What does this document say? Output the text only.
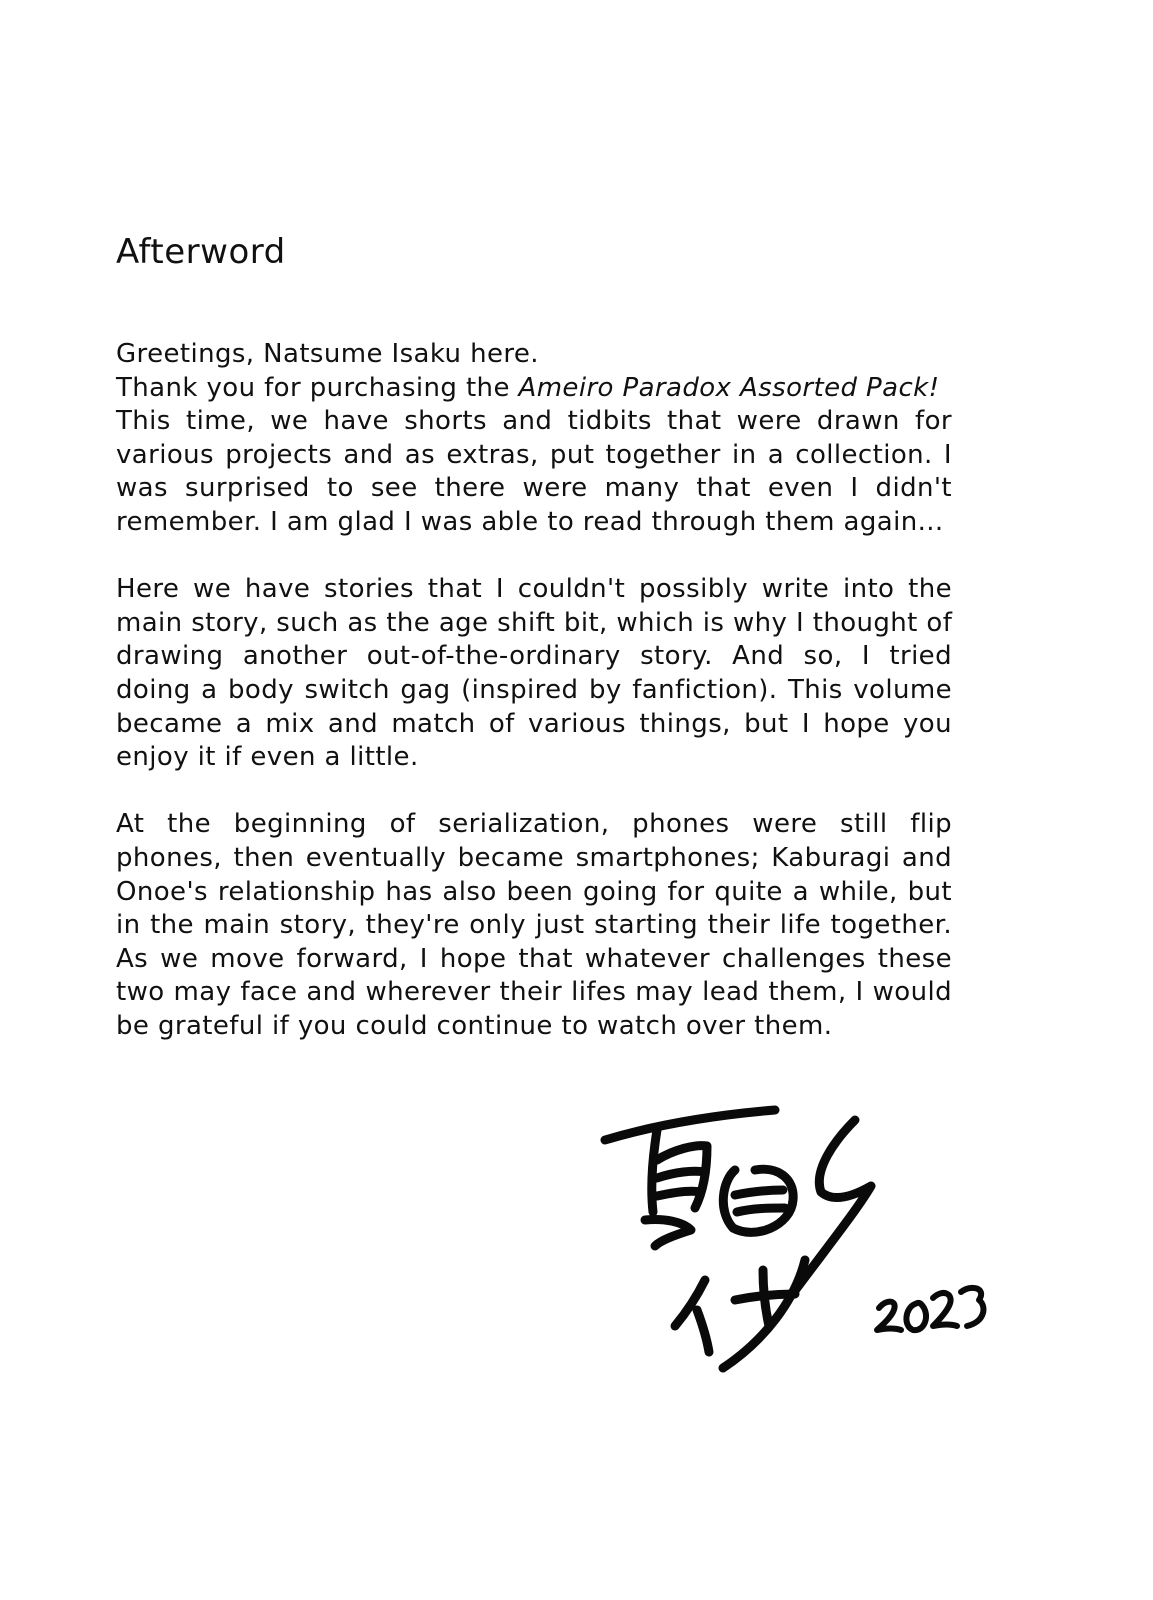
Afterword
Greetings, Natsume Isaku here.
Thank you for purchasing the Ameiro Paradox Assorted Pack!
This time, we have shorts and tidbits that were drawn for
various projects and as extras, put together in a collection. I
was surprised to see there were many that even I didn't
remember. I am glad I was able to read through them again...
Here we have stories that I couldn't possibly write into the
main story, such as the age shift bit, which is why I thought of
drawing another out-of-the-ordinary story. And so, I tried
doing a body switch gag (inspired by fanfiction). This volume
became a mix and match of various things, but I hope you
enjoy it if even a little.
At the beginning of serialization, phones were still flip
phones, then eventually became smartphones; Kaburagi and
Onoe's relationship has also been going for quite a while, but
in the main story, they're only just starting their life together.
As we move forward, I hope that whatever challenges these
two may face and wherever their lifes may lead them, I would
be grateful if you could continue to watch over them.
